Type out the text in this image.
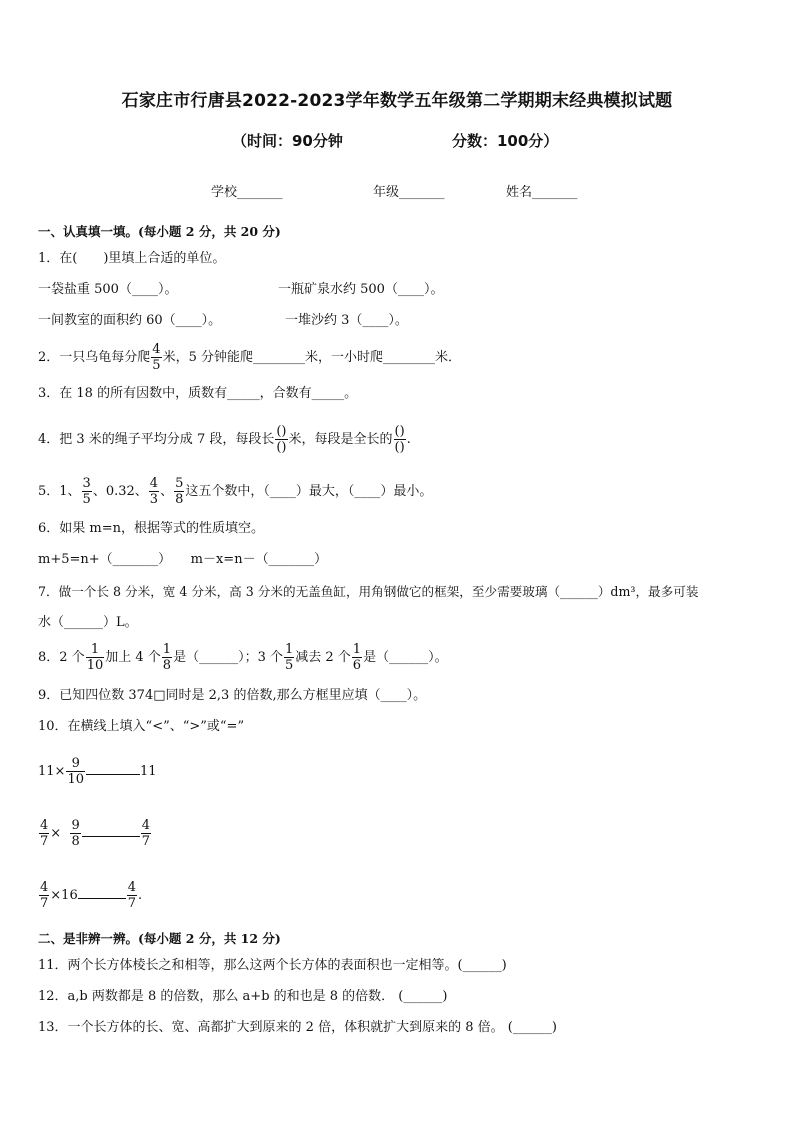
石家庄市行唐县2022-2023学年数学五年级第二学期期末经典模拟试题
（时间：90分钟	分数：100分）
学校_______	年级_______	姓名_______
一、认真填一填。(每小题 2 分，共 20 分)
1．在(　　)里填上合适的单位。
一袋盐重 500（____）。	一瓶矿泉水约 500（____）。
一间教室的面积约 60（____）。	一堆沙约 3（____）。
2．一只乌龟每分爬 $\frac{4}{5}$ 米，5 分钟能爬________米，一小时爬________米．
3．在 18 的所有因数中，质数有_____，合数有_____。
4．把 3 米的绳子平均分成 7 段，每段长 $\frac{()}{()}$ 米，每段是全长的 $\frac{()}{()}$ .
5．1、 $\frac{3}{5}$ 、0.32、 $\frac{4}{3}$ 、 $\frac{5}{8}$ 这五个数中，（____）最大，（____）最小。
6．如果 m=n，根据等式的性质填空。
m+5=n+（_______）　　m－x=n－（_______）
7．做一个长 8 分米，宽 4 分米，高 3 分米的无盖鱼缸，用角钢做它的框架，至少需要玻璃（______）dm³，最多可装
水（______）L。
8．2 个 $\frac{1}{10}$ 加上 4 个 $\frac{1}{8}$ 是（______）；3 个 $\frac{1}{5}$ 减去 2 个 $\frac{1}{6}$ 是（______）。
9．已知四位数 374□同时是 2,3 的倍数,那么方框里应填（____）。
10．在横线上填入“<”、“>”或“=”
$11\times \frac{9}{10}$	11
$\frac{4}{7} \times \frac{9}{8}$	$\frac{4}{7}$
$\frac{4}{7} \times 16$	$\frac{4}{7}$ .
二、是非辨一辨。(每小题 2 分，共 12 分)
11．两个长方体棱长之和相等，那么这两个长方体的表面积也一定相等。(______)
12．a,b 两数都是 8 的倍数，那么 a+b 的和也是 8 的倍数． (______)
13．一个长方体的长、宽、高都扩大到原来的 2 倍，体积就扩大到原来的 8 倍。 (______)
